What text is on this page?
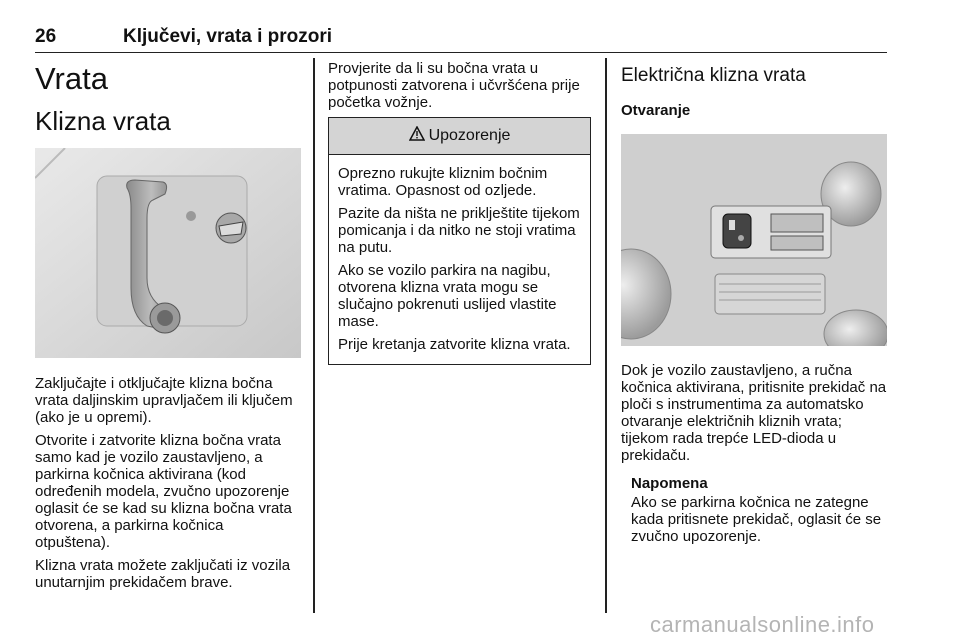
26	Ključevi, vrata i prozori
Vrata
Klizna vrata

Zaključajte i otključajte klizna bočna vrata daljinskim upravljačem ili ključem (ako je u opremi).

Otvorite i zatvorite klizna bočna vrata samo kad je vozilo zaustavljeno, a parkirna kočnica aktivirana (kod određenih modela, zvučno upozorenje oglasit će se kad su klizna bočna vrata otvorena, a parkirna kočnica otpuštena).

Klizna vrata možete zaključati iz vozila unutarnjim prekidačem brave.

Provjerite da li su bočna vrata u potpunosti zatvorena i učvršćena prije početka vožnje.

Upozorenje

Oprezno rukujte kliznim bočnim vratima. Opasnost od ozljede.

Pazite da ništa ne priklještite tijekom pomicanja i da nitko ne stoji vratima na putu.

Ako se vozilo parkira na nagibu, otvorena klizna vrata mogu se slučajno pokrenuti uslijed vlastite mase.

Prije kretanja zatvorite klizna vrata.

Električna klizna vrata
Otvaranje

Dok je vozilo zaustavljeno, a ručna kočnica aktivirana, pritisnite prekidač na ploči s instrumentima za automatsko otvaranje električnih kliznih vrata; tijekom rada trepće LED-dioda u prekidaču.

Napomena

Ako se parkirna kočnica ne zategne kada pritisnete prekidač, oglasit će se zvučno upozorenje.

carmanualsonline.info
